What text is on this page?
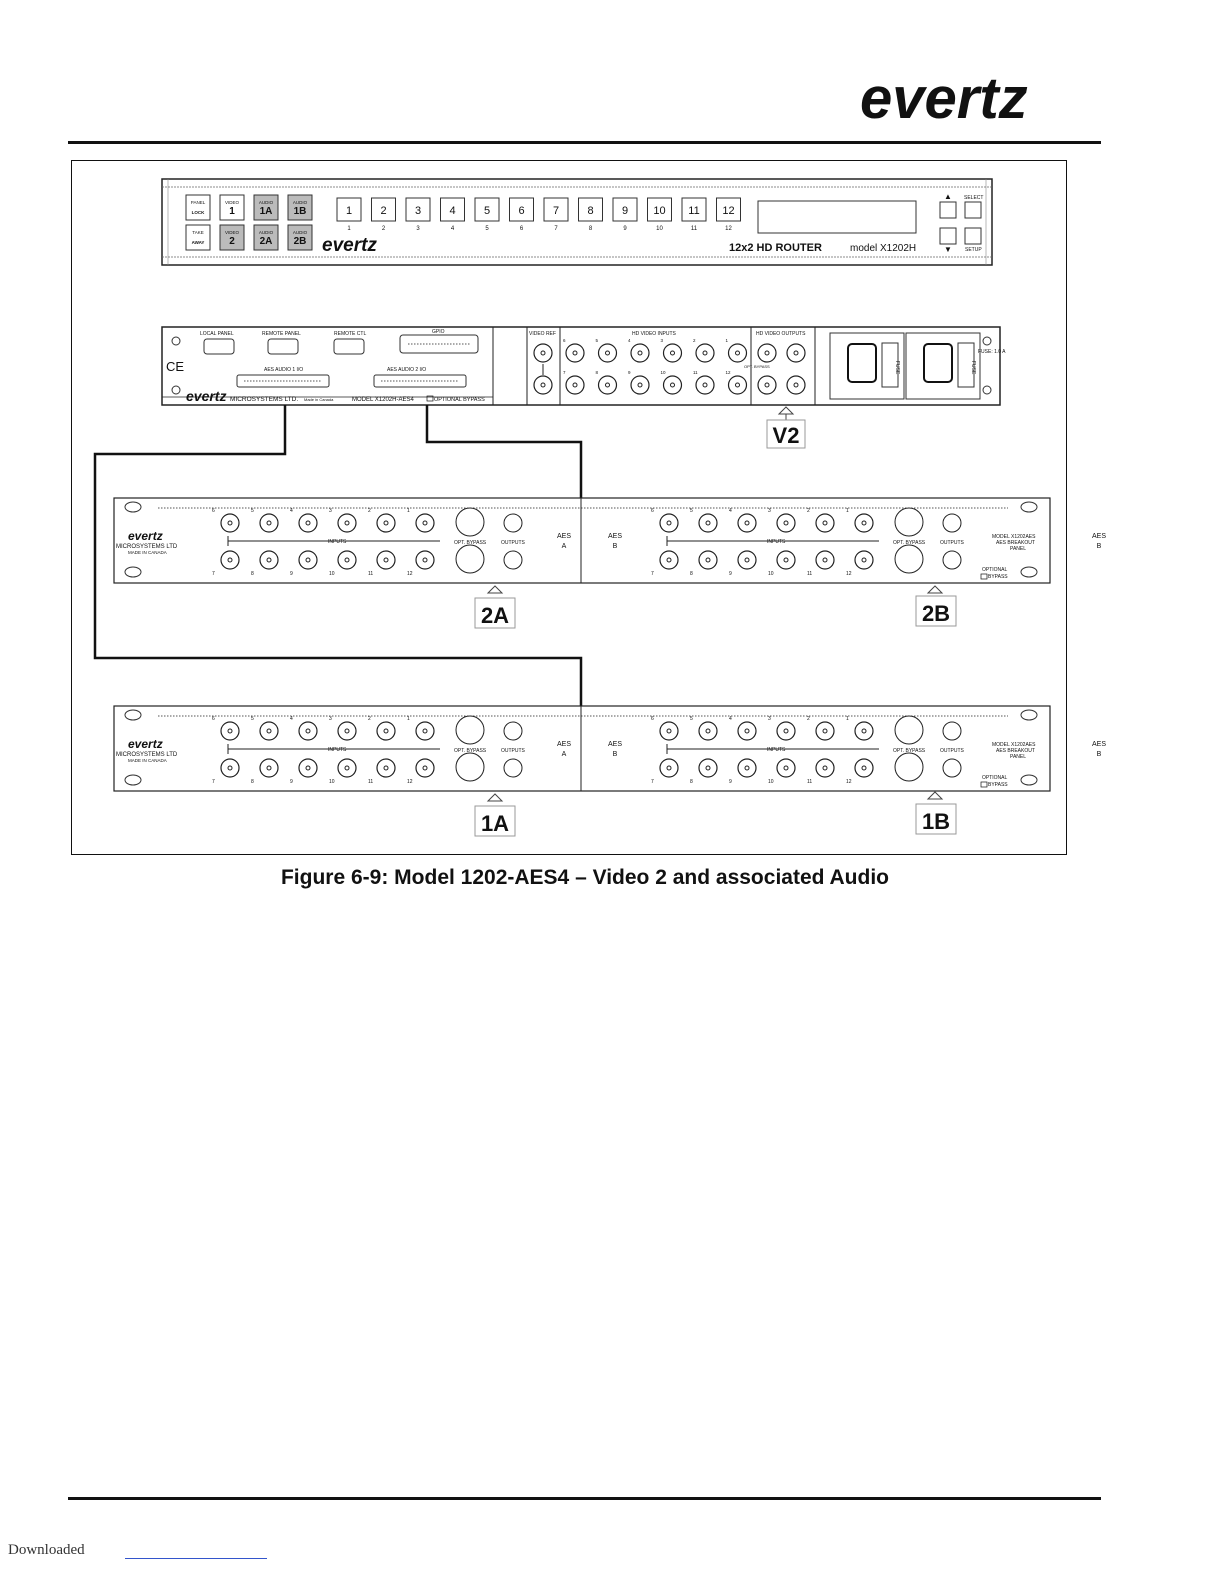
evertz
PANEL
LOCK
VIDEO
1
AUDIO
1A
AUDIO
1B
TAKE
AWAY
VIDEO
2
AUDIO
2A
AUDIO
2B
1
1
2
2
3
3
4
4
5
5
6
6
7
7
8
8
9
9
10
10
11
11
12
12
evertz	12x2 HD ROUTER	model X1202H
▲
▼
SELECT
SETUP
CE
LOCAL PANEL	REMOTE PANEL	REMOTE CTL	GPIO
AES AUDIO 1 I/O	AES AUDIO 2 I/O
evertz MICROSYSTEMS LTD. Made in Canada	MODEL X1202H-AES4	OPTIONAL BYPASS
VIDEO REF	HD VIDEO INPUTS	HD VIDEO OUTPUTS
OPT. BYPASS
6
7
5
8
4
9
3
10
2
11
1
12	FUSE	FUSE
FUSE: 1.0 A
V2
evertz
MICROSYSTEMS LTD
MADE IN CANADA
6
7
5
8
4
9
3
10
2
11
1
12
INPUTS	OPT. BYPASS	OUTPUTS
AES
A
6
7
5
8
4
9
3
10
2
11
1
12
INPUTS	OPT. BYPASS	OUTPUTS
AES
B
AES
B
MODEL X1202AES
AES BREAKOUT
PANEL
OPTIONAL
BYPASS
evertz
MICROSYSTEMS LTD
MADE IN CANADA
6
7
5
8
4
9
3
10
2
11
1
12
INPUTS	OPT. BYPASS	OUTPUTS
AES
A
6
7
5
8
4
9
3
10
2
11
1
12
INPUTS	OPT. BYPASS	OUTPUTS
AES
B
AES
B
MODEL X1202AES
AES BREAKOUT
PANEL
OPTIONAL
BYPASS
2A	2B
1A	1B
Figure 6-9: Model 1202-AES4 – Video 2 and associated Audio
Downloaded
